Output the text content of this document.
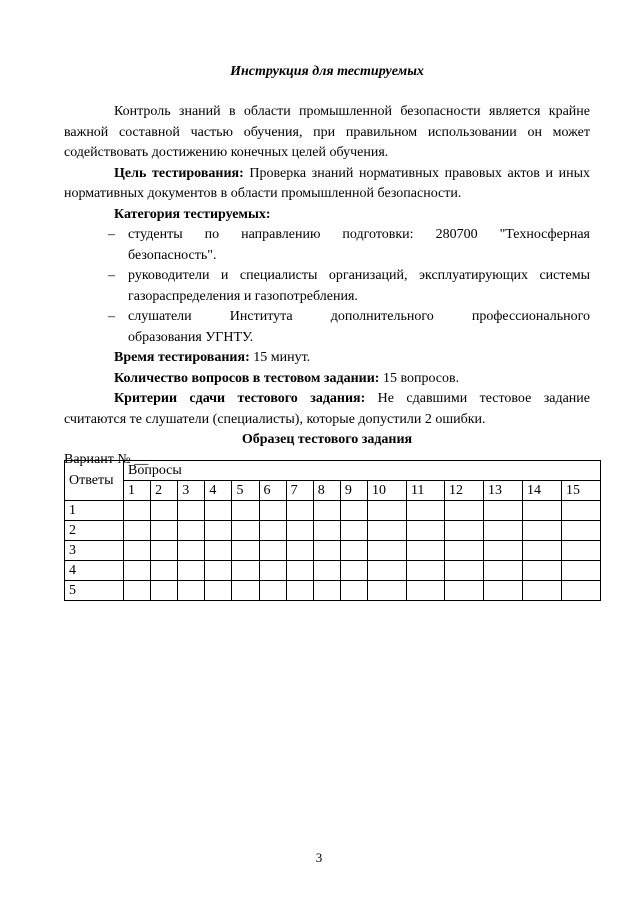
Инструкция для тестируемых

Контроль знаний в области промышленной безопасности является крайне важной составной частью обучения, при правильном использовании он может содействовать достижению конечных целей обучения.

Цель тестирования: Проверка знаний нормативных правовых актов и иных нормативных документов в области промышленной безопасности.

Категория тестируемых:

– студенты по направлению подготовки: 280700 "Техносферная
безопасность".
– руководители и специалисты организаций, эксплуатирующих системы
газораспределения и газопотребления.
– слушатели Института дополнительного профессионального
образования УГНТУ.

Время тестирования: 15 минут.

Количество вопросов в тестовом задании: 15 вопросов.

Критерии сдачи тестового задания: Не сдавшими тестовое задание считаются те слушатели (специалисты), которые допустили 2 ошибки.

Образец тестового задания

Вариант № __

Ответы	Вопросы														
	1	2	3	4	5	6	7	8	9	10	11	12	13	14	15
1															
2															
3															
4															
5															
3
